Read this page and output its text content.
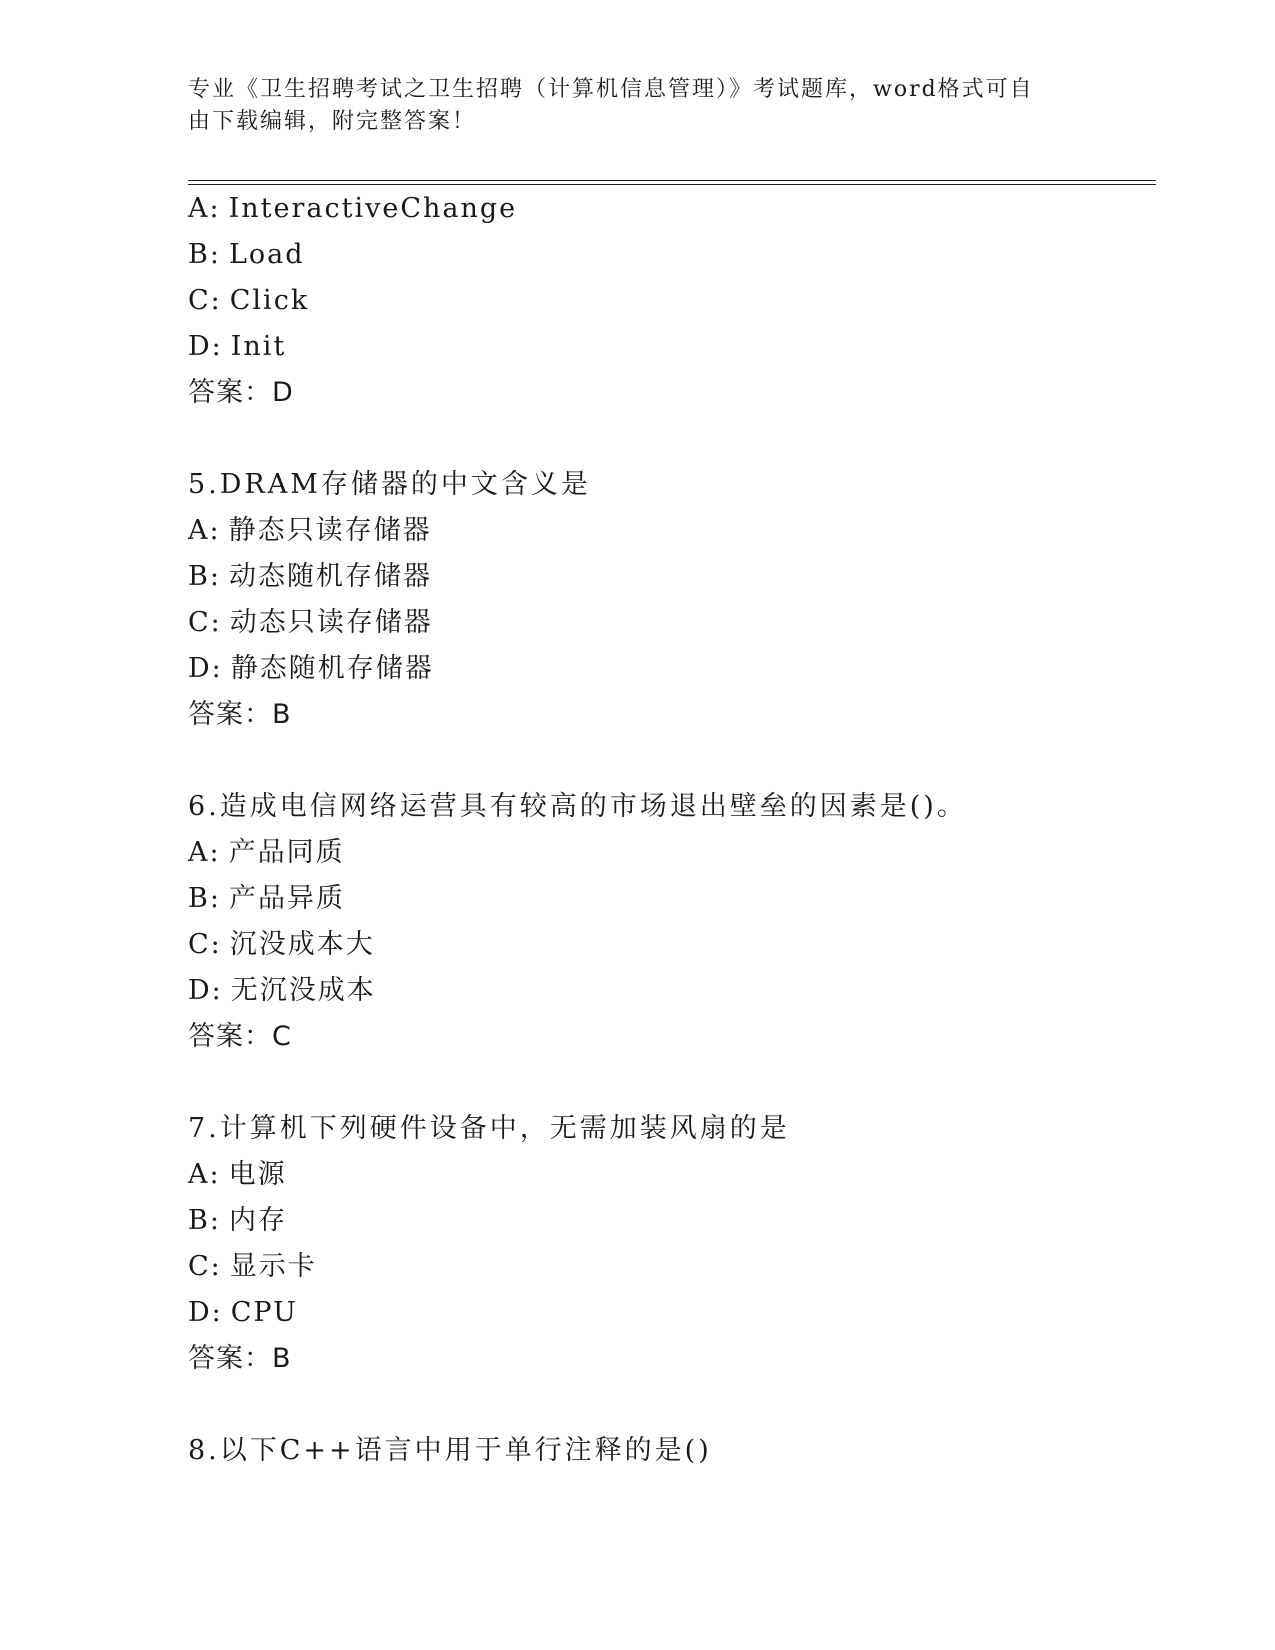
专业《卫生招聘考试之卫生招聘（计算机信息管理）》考试题库，word格式可自
由下载编辑，附完整答案！
A: InteractiveChange
B: Load
C: Click
D: Init
答案：D
5.DRAM存储器的中文含义是
A: 静态只读存储器
B: 动态随机存储器
C: 动态只读存储器
D: 静态随机存储器
答案：B
6.造成电信网络运营具有较高的市场退出壁垒的因素是()。
A: 产品同质
B: 产品异质
C: 沉没成本大
D: 无沉没成本
答案：C
7.计算机下列硬件设备中，无需加装风扇的是
A: 电源
B: 内存
C: 显示卡
D: CPU
答案：B
8.以下C++语言中用于单行注释的是()
